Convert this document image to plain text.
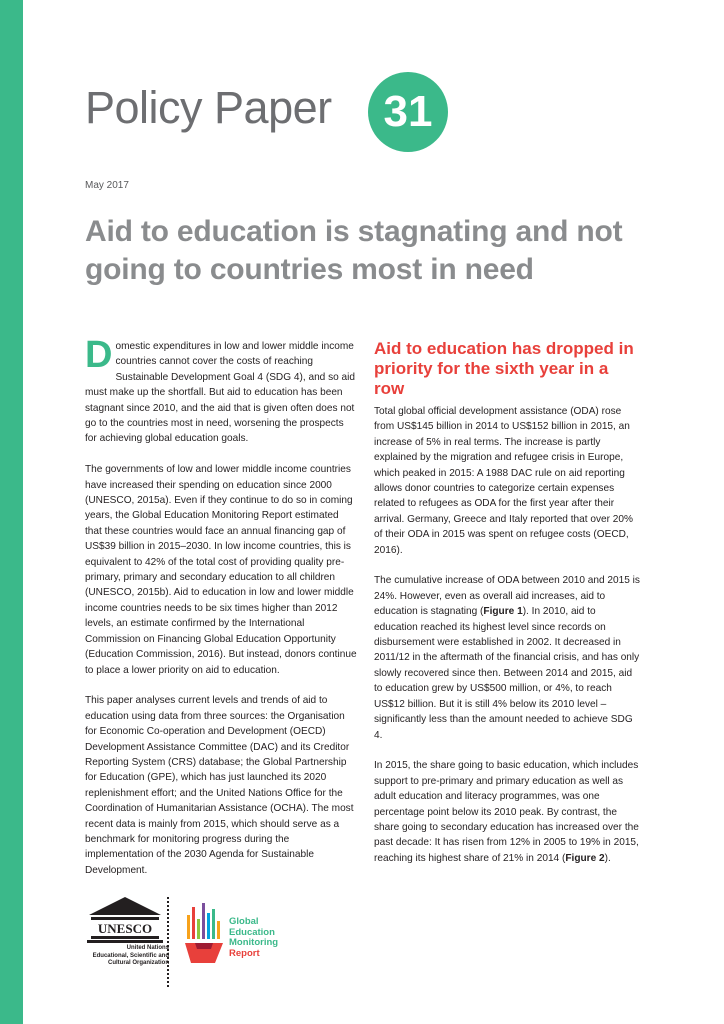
Policy Paper	31
May 2017
Aid to education is stagnating and not going to countries most in need

Domestic expenditures in low and lower middle income countries cannot cover the costs of reaching Sustainable Development Goal 4 (SDG 4), and so aid must make up the shortfall. But aid to education has been stagnant since 2010, and the aid that is given often does not go to the countries most in need, worsening the prospects for achieving global education goals.

The governments of low and lower middle income countries have increased their spending on education since 2000 (UNESCO, 2015a). Even if they continue to do so in coming years, the Global Education Monitoring Report estimated that these countries would face an annual financing gap of US$39 billion in 2015–2030. In low income countries, this is equivalent to 42% of the total cost of providing quality pre-primary, primary and secondary education to all children (UNESCO, 2015b). Aid to education in low and lower middle income countries needs to be six times higher than 2012 levels, an estimate confirmed by the International Commission on Financing Global Education Opportunity (Education Commission, 2016). But instead, donors continue to place a lower priority on aid to education.

This paper analyses current levels and trends of aid to education using data from three sources: the Organisation for Economic Co-operation and Development (OECD) Development Assistance Committee (DAC) and its Creditor Reporting System (CRS) database; the Global Partnership for Education (GPE), which has just launched its 2020 replenishment effort; and the United Nations Office for the Coordination of Humanitarian Assistance (OCHA). The most recent data is mainly from 2015, which should serve as a benchmark for monitoring progress during the implementation of the 2030 Agenda for Sustainable Development.

Aid to education has dropped in priority for the sixth year in a row

Total global official development assistance (ODA) rose from US$145 billion in 2014 to US$152 billion in 2015, an increase of 5% in real terms. The increase is partly explained by the migration and refugee crisis in Europe, which peaked in 2015: A 1988 DAC rule on aid reporting allows donor countries to categorize certain expenses related to refugees as ODA for the first year after their arrival. Germany, Greece and Italy reported that over 20% of their ODA in 2015 was spent on refugee costs (OECD, 2016).

The cumulative increase of ODA between 2010 and 2015 is 24%. However, even as overall aid increases, aid to education is stagnating (Figure 1). In 2010, aid to education reached its highest level since records on disbursement were established in 2002. It decreased in 2011/12 in the aftermath of the financial crisis, and has only slowly recovered since then. Between 2014 and 2015, aid to education grew by US$500 million, or 4%, to reach US$12 billion. But it is still 4% below its 2010 level – significantly less than the amount needed to achieve SDG 4.

In 2015, the share going to basic education, which includes support to pre-primary and primary education as well as adult education and literacy programmes, was one percentage point below its 2010 peak. By contrast, the share going to secondary education has increased over the past decade: It has risen from 12% in 2005 to 19% in 2015, reaching its highest share of 21% in 2014 (Figure 2).

UNESCO
United Nations
Educational, Scientific and
Cultural Organization
Global
Education
Monitoring
Report
